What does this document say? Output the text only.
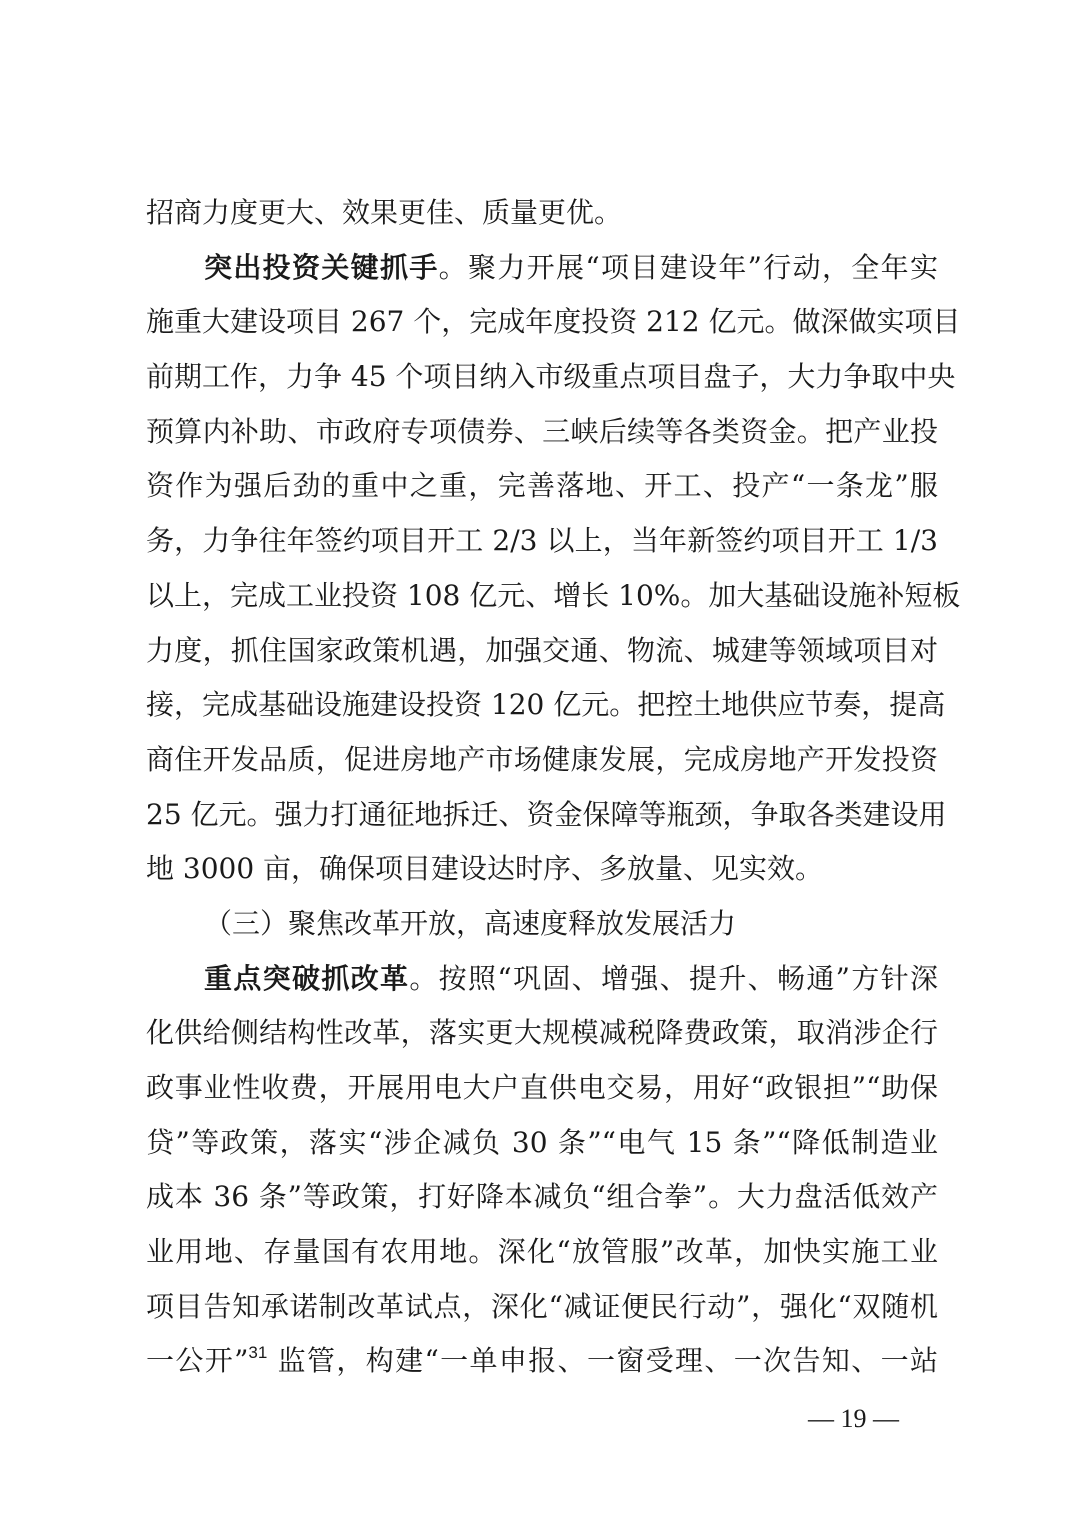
招商力度更大、效果更佳、质量更优。
突出投资关键抓手。聚力开展“项目建设年”行动，全年实
施重大建设项目 267 个，完成年度投资 212 亿元。做深做实项目
前期工作，力争 45 个项目纳入市级重点项目盘子，大力争取中央
预算内补助、市政府专项债券、三峡后续等各类资金。把产业投
资作为强后劲的重中之重，完善落地、开工、投产“一条龙”服
务，力争往年签约项目开工 2/3 以上，当年新签约项目开工 1/3
以上，完成工业投资 108 亿元、增长 10%。加大基础设施补短板
力度，抓住国家政策机遇，加强交通、物流、城建等领域项目对
接，完成基础设施建设投资 120 亿元。把控土地供应节奏，提高
商住开发品质，促进房地产市场健康发展，完成房地产开发投资
25 亿元。强力打通征地拆迁、资金保障等瓶颈，争取各类建设用
地 3000 亩，确保项目建设达时序、多放量、见实效。
（三）聚焦改革开放，高速度释放发展活力
重点突破抓改革。按照“巩固、增强、提升、畅通”方针深
化供给侧结构性改革，落实更大规模减税降费政策，取消涉企行
政事业性收费，开展用电大户直供电交易，用好“政银担”“助保
贷”等政策，落实“涉企减负 30 条”“电气 15 条”“降低制造业
成本 36 条”等政策，打好降本减负“组合拳”。大力盘活低效产
业用地、存量国有农用地。深化“放管服”改革，加快实施工业
项目告知承诺制改革试点，深化“减证便民行动”，强化“双随机
一公开”$^{31}$ 监管，构建“一单申报、一窗受理、一次告知、一站
— 19 —
